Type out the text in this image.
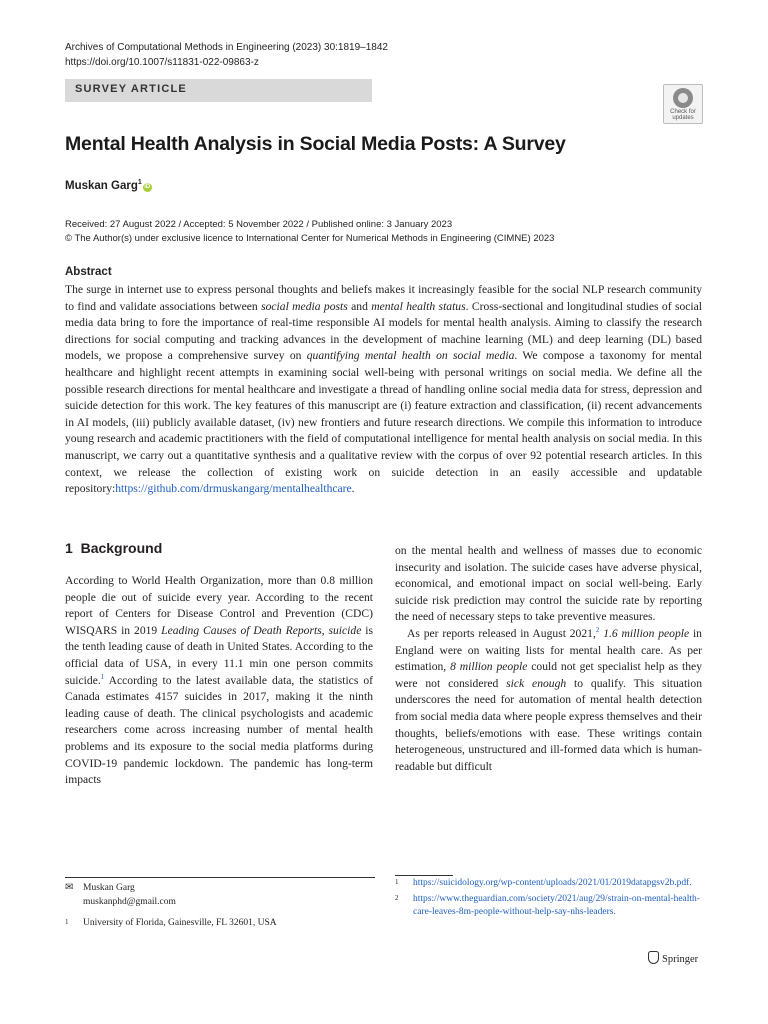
Archives of Computational Methods in Engineering (2023) 30:1819–1842
https://doi.org/10.1007/s11831-022-09863-z
SURVEY ARTICLE
Check for
updates
Mental Health Analysis in Social Media Posts: A Survey
Muskan Garg$^1$iD
Received: 27 August 2022 / Accepted: 5 November 2022 / Published online: 3 January 2023
© The Author(s) under exclusive licence to International Center for Numerical Methods in Engineering (CIMNE) 2023
Abstract

The surge in internet use to express personal thoughts and beliefs makes it increasingly feasible for the social NLP research community to find and validate associations between social media posts and mental health status. Cross-sectional and longitudinal studies of social media data bring to fore the importance of real-time responsible AI models for mental health analysis. Aiming to classify the research directions for social computing and tracking advances in the development of machine learning (ML) and deep learning (DL) based models, we propose a comprehensive survey on quantifying mental health on social media. We compose a taxonomy for mental healthcare and highlight recent attempts in examining social well-being with personal writings on social media. We define all the possible research directions for mental healthcare and investigate a thread of handling online social media data for stress, depression and suicide detection for this work. The key features of this manuscript are (i) feature extraction and classification, (ii) recent advancements in AI models, (iii) publicly available dataset, (iv) new frontiers and future research directions. We compile this information to introduce young research and academic practitioners with the field of computational intelligence for mental health analysis on social media. In this manuscript, we carry out a quantitative synthesis and a qualitative review with the corpus of over 92 potential research articles. In this context, we release the collection of existing work on suicide detection in an easily accessible and updatable repository:https://github.com/drmuskangarg/mentalhealthcare.

1 Background

According to World Health Organization, more than 0.8 million people die out of suicide every year. According to the recent report of Centers for Disease Control and Prevention (CDC) WISQARS in 2019 Leading Causes of Death Reports, suicide is the tenth leading cause of death in United States. According to the official data of USA, in every 11.1 min one person commits suicide.$^1$ According to the latest available data, the statistics of Canada estimates 4157 suicides in 2017, making it the ninth leading cause of death. The clinical psychologists and academic researchers come across increasing number of mental health problems and its exposure to the social media platforms during COVID-19 pandemic lockdown. The pandemic has long-term impacts

on the mental health and wellness of masses due to economic insecurity and isolation. The suicide cases have adverse physical, economical, and emotional impact on social well-being. Early suicide risk prediction may control the suicide rate by reporting the need of necessary steps to take preventive measures.

As per reports released in August 2021,$^2$ 1.6 million people in England were on waiting lists for mental health care. As per estimation, 8 million people could not get specialist help as they were not considered sick enough to qualify. This situation underscores the need for automation of mental health detection from social media data where people express themselves and their thoughts, beliefs/emotions with ease. These writings contain heterogeneous, unstructured and ill-formed data which is human-readable but difficult

✉	Muskan Garg
muskanphd@gmail.com
1	University of Florida, Gainesville, FL 32601, USA
1	https://suicidology.org/wp-content/uploads/2021/01/2019datapgsv2b.pdf.
2	https://www.theguardian.com/society/2021/aug/29/strain-on-mental-health-care-leaves-8m-people-without-help-say-nhs-leaders.
Springer
